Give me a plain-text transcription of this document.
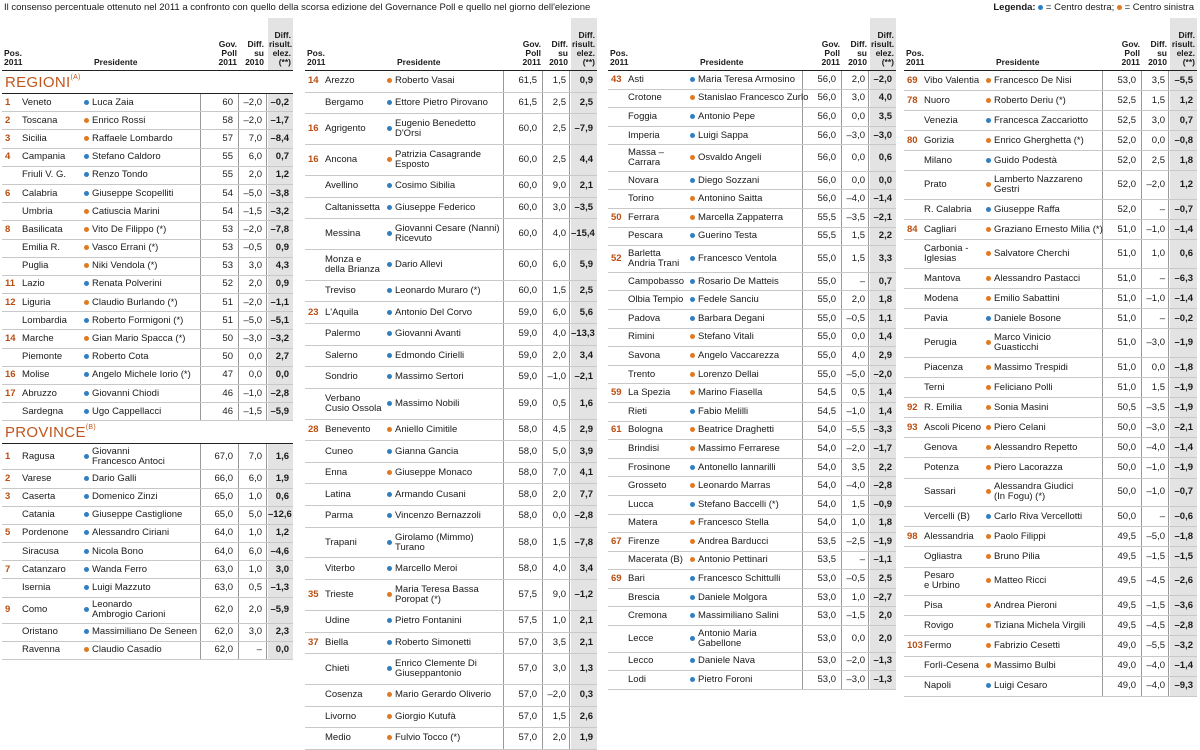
Il consenso percentuale ottenuto nel 2011 a confronto con quello della scorsa edizione del Governance Poll e quello nel giorno dell'elezione	Legenda: = Centro destra; = Centro sinistra
Pos. 2011	Presidente
Gov. Poll 2011
Diff. su 2010
Diff. risult. elez. (**)
$REGIONI^{(A)}$
1 Veneto	Luca Zaia	60	–2,0 –0,2
2 Toscana	Enrico Rossi	58	–2,0 –1,7
3 Sicilia	Raffaele Lombardo	57	7,0 –8,4
4 Campania	Stefano Caldoro	55	6,0	0,7
Friuli V. G.	Renzo Tondo	55	2,0	1,2
6 Calabria	Giuseppe Scopelliti	54	–5,0 –3,8
Umbria	Catiuscia Marini	54	–1,5 –3,2
8 Basilicata	Vito De Filippo (*)	53	–2,0 –7,8
Emilia R.	Vasco Errani (*)	53	–0,5	0,9
Puglia	Niki Vendola (*)	53	3,0	4,3
11 Lazio	Renata Polverini	52	2,0	0,9
12 Liguria	Claudio Burlando (*)	51	–2,0 –1,1
Lombardia	Roberto Formigoni (*)	51	–5,0 –5,1
14 Marche	Gian Mario Spacca (*)	50	–3,0 –3,2
Piemonte	Roberto Cota	50	0,0	2,7
16 Molise	Angelo Michele Iorio (*)	47	0,0	0,0
17 Abruzzo	Giovanni Chiodi	46	–1,0 –2,8
Sardegna	Ugo Cappellacci	46	–1,5 –5,9
$PROVINCE^{(B)}$
1 Ragusa	Giovanni
Francesco Antoci	67,0	7,0	1,6
2 Varese	Dario Galli	66,0	6,0	1,9
3 Caserta	Domenico Zinzi	65,0	1,0	0,6
Catania	Giuseppe Castiglione	65,0	5,0 –12,6
5 Pordenone Alessandro Ciriani	64,0	1,0	1,2
Siracusa	Nicola Bono	64,0	6,0 –4,6
7 Catanzaro	Wanda Ferro	63,0	1,0	3,0
Isernia	Luigi Mazzuto	63,0	0,5 –1,3
9 Como	Leonardo
Ambrogio Carioni	62,0	2,0 –5,9
Oristano	Massimiliano De Seneen	62,0	3,0	2,3
Ravenna	Claudio Casadio	62,0	–	0,0
Pos. 2011	Presidente
Gov. Poll 2011
Diff. su 2010
Diff. risult. elez. (**)
14 Arezzo	Roberto Vasai	61,5	1,5	0,9
Bergamo	Ettore Pietro Pirovano	61,5	2,5	2,5
16 Agrigento	Eugenio Benedetto
D'Orsi	60,0	2,5 –7,9
16 Ancona	Patrizia Casagrande
Esposto	60,0	2,5	4,4
Avellino	Cosimo Sibilia	60,0	9,0	2,1
Caltanissetta Giuseppe Federico	60,0	3,0 –3,5
Messina	Giovanni Cesare (Nanni)
Ricevuto	60,0	4,0 –15,4
Monza e
della Brianza Dario Allevi	60,0	6,0	5,9
Treviso	Leonardo Muraro (*)	60,0	1,5	2,5
23 L'Aquila	Antonio Del Corvo	59,0	6,0	5,6
Palermo	Giovanni Avanti	59,0	4,0 –13,3
Salerno	Edmondo Cirielli	59,0	2,0	3,4
Sondrio	Massimo Sertori	59,0	–1,0 –2,1
Verbano
Cusio Ossola Massimo Nobili	59,0	0,5	1,6
28 Benevento	Aniello Cimitile	58,0	4,5	2,9
Cuneo	Gianna Gancia	58,0	5,0	3,9
Enna	Giuseppe Monaco	58,0	7,0	4,1
Latina	Armando Cusani	58,0	2,0	7,7
Parma	Vincenzo Bernazzoli	58,0	0,0 –2,8
Trapani	Girolamo (Mimmo)
Turano	58,0	1,5 –7,8
Viterbo	Marcello Meroi	58,0	4,0	3,4
35 Trieste	Maria Teresa Bassa
Poropat (*)	57,5	9,0 –1,2
Udine	Pietro Fontanini	57,5	1,0	2,1
37 Biella	Roberto Simonetti	57,0	3,5	2,1
Chieti	Enrico Clemente Di
Giuseppantonio	57,0	3,0	1,3
Cosenza	Mario Gerardo Oliverio	57,0	–2,0	0,3
Livorno	Giorgio Kutufà	57,0	1,5	2,6
Medio	Fulvio Tocco (*)	57,0	2,0	1,9
Pos. 2011	Presidente
Gov. Poll 2011
Diff. su 2010
Diff. risult. elez. (**)
43 Asti	Maria Teresa Armosino	56,0	2,0 –2,0
Crotone	Stanislao Francesco Zurlo 56,0	3,0	4,0
Foggia	Antonio Pepe	56,0	0,0	3,5
Imperia	Luigi Sappa	56,0	–3,0 –3,0
Massa –
Carrara	Osvaldo Angeli	56,0	0,0	0,6
Novara	Diego Sozzani	56,0	0,0	0,0
Torino	Antonino Saitta	56,0	–4,0 –1,4
50 Ferrara	Marcella Zappaterra	55,5	–3,5 –2,1
Pescara	Guerino Testa	55,5	1,5	2,2
52 Barletta
Andria Trani Francesco Ventola	55,0	1,5	3,3
Campobasso Rosario De Matteis	55,0	–	0,7
Olbia Tempio Fedele Sanciu	55,0	2,0	1,8
Padova	Barbara Degani	55,0	–0,5	1,1
Rimini	Stefano Vitali	55,0	0,0	1,4
Savona	Angelo Vaccarezza	55,0	4,0	2,9
Trento	Lorenzo Dellai	55,0	–5,0 –2,0
59 La Spezia	Marino Fiasella	54,5	0,5	1,4
Rieti	Fabio Melilli	54,5	–1,0	1,4
61 Bologna	Beatrice Draghetti	54,0	–5,5 –3,3
Brindisi	Massimo Ferrarese	54,0	–2,0 –1,7
Frosinone	Antonello Iannarilli	54,0	3,5	2,2
Grosseto	Leonardo Marras	54,0	–4,0 –2,8
Lucca	Stefano Baccelli (*)	54,0	1,5 –0,9
Matera	Francesco Stella	54,0	1,0	1,8
67 Firenze	Andrea Barducci	53,5	–2,5 –1,9
Macerata (B) Antonio Pettinari	53,5	– –1,1
69 Bari	Francesco Schittulli	53,0	–0,5	2,5
Brescia	Daniele Molgora	53,0	1,0 –2,7
Cremona	Massimiliano Salini	53,0	–1,5	2,0
Lecce	Antonio Maria
Gabellone	53,0	0,0	2,0
Lecco	Daniele Nava	53,0	–2,0 –1,3
Lodi	Pietro Foroni	53,0	–3,0 –1,3
Pos. 2011	Presidente
Gov. Poll 2011
Diff. su 2010
Diff. risult. elez. (**)
69 Vibo Valentia Francesco De Nisi	53,0	3,5	–5,5
78 Nuoro	Roberto Deriu (*)	52,5	1,5	1,2
Venezia	Francesca Zaccariotto	52,5	3,0	0,7
80 Gorizia	Enrico Gherghetta (*)	52,0	0,0	–0,8
Milano	Guido Podestà	52,0	2,5	1,8
Prato	Lamberto Nazzareno
Gestri	52,0	–2,0	1,2
R. Calabria Giuseppe Raffa	52,0	–	–0,7
84 Cagliari	Graziano Ernesto Milia (*)	51,0	–1,0	–1,4
Carbonia -
Iglesias	Salvatore Cherchi	51,0	1,0	0,6
Mantova	Alessandro Pastacci	51,0	–	–6,3
Modena	Emilio Sabattini	51,0	–1,0	–1,4
Pavia	Daniele Bosone	51,0	–	–0,2
Perugia	Marco Vinicio
Guasticchi	51,0	–3,0	–1,9
Piacenza	Massimo Trespidi	51,0	0,0	–1,8
Terni	Feliciano Polli	51,0	1,5	–1,9
92 R. Emilia	Sonia Masini	50,5	–3,5	–1,9
93 Ascoli Piceno Piero Celani	50,0	–3,0	–2,1
Genova	Alessandro Repetto	50,0	–4,0	–1,4
Potenza	Piero Lacorazza	50,0	–1,0	–1,9
Sassari	Alessandra Giudici
(In Fogu) (*)	50,0	–1,0	–0,7
Vercelli (B)	Carlo Riva Vercellotti	50,0	–	–0,6
98 Alessandria Paolo Filippi	49,5	–5,0	–1,8
Ogliastra	Bruno Pilia	49,5	–1,5	–1,5
Pesaro
e Urbino	Matteo Ricci	49,5	–4,5	–2,6
Pisa	Andrea Pieroni	49,5	–1,5	–3,6
Rovigo	Tiziana Michela Virgili	49,5	–4,5	–2,8
103 Fermo	Fabrizio Cesetti	49,0	–5,5	–3,2
Forlì-Cesena Massimo Bulbi	49,0	–4,0	–1,4
Napoli	Luigi Cesaro	49,0	–4,0	–9,3
